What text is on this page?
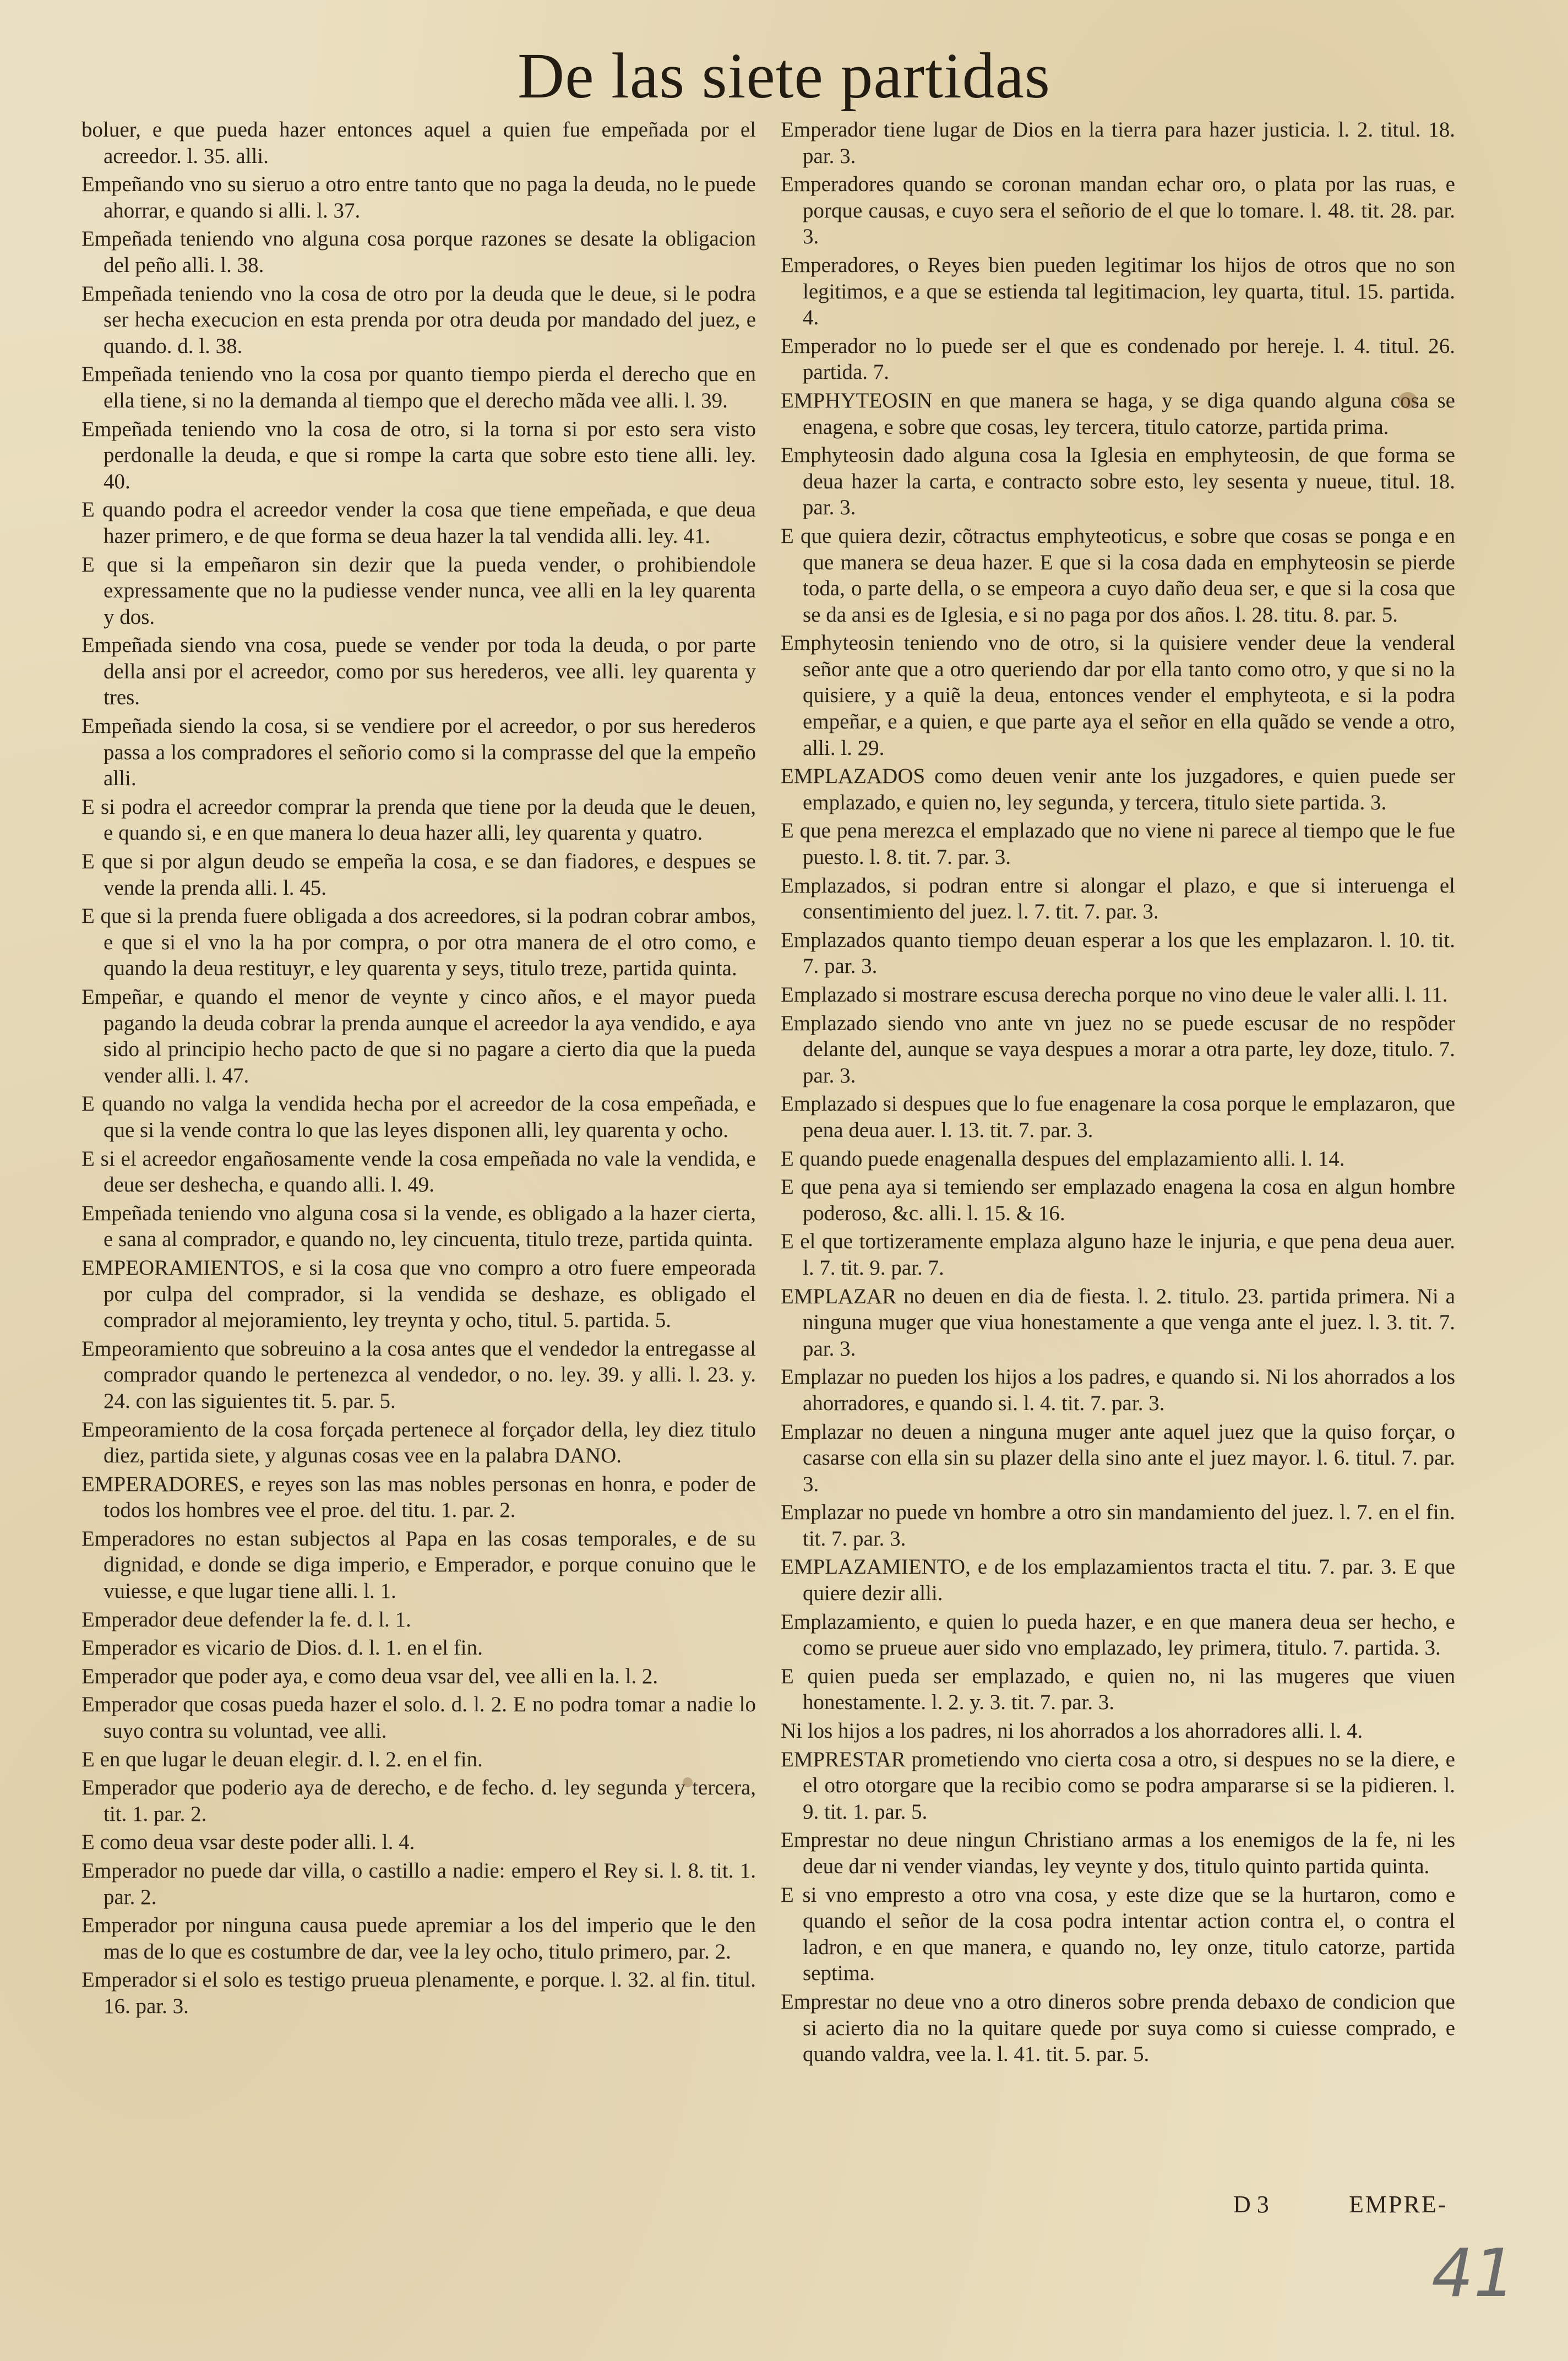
De las siete partidas

boluer, e que pueda hazer entonces aquel a quien fue empeñada por el acreedor. l. 35. alli.

Empeñando vno su sieruo a otro entre tanto que no paga la deuda, no le puede ahorrar, e quando si alli. l. 37.

Empeñada teniendo vno alguna cosa porque razones se desate la obligacion del peño alli. l. 38.

Empeñada teniendo vno la cosa de otro por la deuda que le deue, si le podra ser hecha execucion en esta prenda por otra deuda por mandado del juez, e quando. d. l. 38.

Empeñada teniendo vno la cosa por quanto tiempo pierda el derecho que en ella tiene, si no la demanda al tiempo que el derecho mãda vee alli. l. 39.

Empeñada teniendo vno la cosa de otro, si la torna si por esto sera visto perdonalle la deuda, e que si rompe la carta que sobre esto tiene alli. ley. 40.

E quando podra el acreedor vender la cosa que tiene empeñada, e que deua hazer primero, e de que forma se deua hazer la tal vendida alli. ley. 41.

E que si la empeñaron sin dezir que la pueda vender, o prohibiendole expressamente que no la pudiesse vender nunca, vee alli en la ley quarenta y dos.

Empeñada siendo vna cosa, puede se vender por toda la deuda, o por parte della ansi por el acreedor, como por sus herederos, vee alli. ley quarenta y tres.

Empeñada siendo la cosa, si se vendiere por el acreedor, o por sus herederos passa a los compradores el señorio como si la comprasse del que la empeño alli.

E si podra el acreedor comprar la prenda que tiene por la deuda que le deuen, e quando si, e en que manera lo deua hazer alli, ley quarenta y quatro.

E que si por algun deudo se empeña la cosa, e se dan fiadores, e despues se vende la prenda alli. l. 45.

E que si la prenda fuere obligada a dos acreedores, si la podran cobrar ambos, e que si el vno la ha por compra, o por otra manera de el otro como, e quando la deua restituyr, e ley quarenta y seys, titulo treze, partida quinta.

Empeñar, e quando el menor de veynte y cinco años, e el mayor pueda pagando la deuda cobrar la prenda aunque el acreedor la aya vendido, e aya sido al principio hecho pacto de que si no pagare a cierto dia que la pueda vender alli. l. 47.

E quando no valga la vendida hecha por el acreedor de la cosa empeñada, e que si la vende contra lo que las leyes disponen alli, ley quarenta y ocho.

E si el acreedor engañosamente vende la cosa empeñada no vale la vendida, e deue ser deshecha, e quando alli. l. 49.

Empeñada teniendo vno alguna cosa si la vende, es obligado a la hazer cierta, e sana al comprador, e quando no, ley cincuenta, titulo treze, partida quinta.

EMPEORAMIENTOS, e si la cosa que vno compro a otro fuere empeorada por culpa del comprador, si la vendida se deshaze, es obligado el comprador al mejoramiento, ley treynta y ocho, titul. 5. partida. 5.

Empeoramiento que sobreuino a la cosa antes que el vendedor la entregasse al comprador quando le pertenezca al vendedor, o no. ley. 39. y alli. l. 23. y. 24. con las siguientes tit. 5. par. 5.

Empeoramiento de la cosa forçada pertenece al forçador della, ley diez titulo diez, partida siete, y algunas cosas vee en la palabra DANO.

EMPERADORES, e reyes son las mas nobles personas en honra, e poder de todos los hombres vee el proe. del titu. 1. par. 2.

Emperadores no estan subjectos al Papa en las cosas temporales, e de su dignidad, e donde se diga imperio, e Emperador, e porque conuino que le vuiesse, e que lugar tiene alli. l. 1.

Emperador deue defender la fe. d. l. 1.

Emperador es vicario de Dios. d. l. 1. en el fin.

Emperador que poder aya, e como deua vsar del, vee alli en la. l. 2.

Emperador que cosas pueda hazer el solo. d. l. 2. E no podra tomar a nadie lo suyo contra su voluntad, vee alli.

E en que lugar le deuan elegir. d. l. 2. en el fin.

Emperador que poderio aya de derecho, e de fecho. d. ley segunda y tercera, tit. 1. par. 2.

E como deua vsar deste poder alli. l. 4.

Emperador no puede dar villa, o castillo a nadie: empero el Rey si. l. 8. tit. 1. par. 2.

Emperador por ninguna causa puede apremiar a los del imperio que le den mas de lo que es costumbre de dar, vee la ley ocho, titulo primero, par. 2.

Emperador si el solo es testigo prueua plenamente, e porque. l. 32. al fin. titul. 16. par. 3.

Emperador tiene lugar de Dios en la tierra para hazer justicia. l. 2. titul. 18. par. 3.

Emperadores quando se coronan mandan echar oro, o plata por las ruas, e porque causas, e cuyo sera el señorio de el que lo tomare. l. 48. tit. 28. par. 3.

Emperadores, o Reyes bien pueden legitimar los hijos de otros que no son legitimos, e a que se estienda tal legitimacion, ley quarta, titul. 15. partida. 4.

Emperador no lo puede ser el que es condenado por hereje. l. 4. titul. 26. partida. 7.

EMPHYTEOSIN en que manera se haga, y se diga quando alguna cosa se enagena, e sobre que cosas, ley tercera, titulo catorze, partida prima.

Emphyteosin dado alguna cosa la Iglesia en emphyteosin, de que forma se deua hazer la carta, e contracto sobre esto, ley sesenta y nueue, titul. 18. par. 3.

E que quiera dezir, cõtractus emphyteoticus, e sobre que cosas se ponga e en que manera se deua hazer. E que si la cosa dada en emphyteosin se pierde toda, o parte della, o se empeora a cuyo daño deua ser, e que si la cosa que se da ansi es de Iglesia, e si no paga por dos años. l. 28. titu. 8. par. 5.

Emphyteosin teniendo vno de otro, si la quisiere vender deue la venderal señor ante que a otro queriendo dar por ella tanto como otro, y que si no la quisiere, y a quiẽ la deua, entonces vender el emphyteota, e si la podra empeñar, e a quien, e que parte aya el señor en ella quãdo se vende a otro, alli. l. 29.

EMPLAZADOS como deuen venir ante los juzgadores, e quien puede ser emplazado, e quien no, ley segunda, y tercera, titulo siete partida. 3.

E que pena merezca el emplazado que no viene ni parece al tiempo que le fue puesto. l. 8. tit. 7. par. 3.

Emplazados, si podran entre si alongar el plazo, e que si interuenga el consentimiento del juez. l. 7. tit. 7. par. 3.

Emplazados quanto tiempo deuan esperar a los que les emplazaron. l. 10. tit. 7. par. 3.

Emplazado si mostrare escusa derecha porque no vino deue le valer alli. l. 11.

Emplazado siendo vno ante vn juez no se puede escusar de no respõder delante del, aunque se vaya despues a morar a otra parte, ley doze, titulo. 7. par. 3.

Emplazado si despues que lo fue enagenare la cosa porque le emplazaron, que pena deua auer. l. 13. tit. 7. par. 3.

E quando puede enagenalla despues del emplazamiento alli. l. 14.

E que pena aya si temiendo ser emplazado enagena la cosa en algun hombre poderoso, &c. alli. l. 15. & 16.

E el que tortizeramente emplaza alguno haze le injuria, e que pena deua auer. l. 7. tit. 9. par. 7.

EMPLAZAR no deuen en dia de fiesta. l. 2. titulo. 23. partida primera. Ni a ninguna muger que viua honestamente a que venga ante el juez. l. 3. tit. 7. par. 3.

Emplazar no pueden los hijos a los padres, e quando si. Ni los ahorrados a los ahorradores, e quando si. l. 4. tit. 7. par. 3.

Emplazar no deuen a ninguna muger ante aquel juez que la quiso forçar, o casarse con ella sin su plazer della sino ante el juez mayor. l. 6. titul. 7. par. 3.

Emplazar no puede vn hombre a otro sin mandamiento del juez. l. 7. en el fin. tit. 7. par. 3.

EMPLAZAMIENTO, e de los emplazamientos tracta el titu. 7. par. 3. E que quiere dezir alli.

Emplazamiento, e quien lo pueda hazer, e en que manera deua ser hecho, e como se prueue auer sido vno emplazado, ley primera, titulo. 7. partida. 3.

E quien pueda ser emplazado, e quien no, ni las mugeres que viuen honestamente. l. 2. y. 3. tit. 7. par. 3.

Ni los hijos a los padres, ni los ahorrados a los ahorradores alli. l. 4.

EMPRESTAR prometiendo vno cierta cosa a otro, si despues no se la diere, e el otro otorgare que la recibio como se podra ampararse si se la pidieren. l. 9. tit. 1. par. 5.

Emprestar no deue ningun Christiano armas a los enemigos de la fe, ni les deue dar ni vender viandas, ley veynte y dos, titulo quinto partida quinta.

E si vno empresto a otro vna cosa, y este dize que se la hurtaron, como e quando el señor de la cosa podra intentar action contra el, o contra el ladron, e en que manera, e quando no, ley onze, titulo catorze, partida septima.

Emprestar no deue vno a otro dineros sobre prenda debaxo de condicion que si acierto dia no la quitare quede por suya como si cuiesse comprado, e quando valdra, vee la. l. 41. tit. 5. par. 5.

D 3	EMPRE-
41
